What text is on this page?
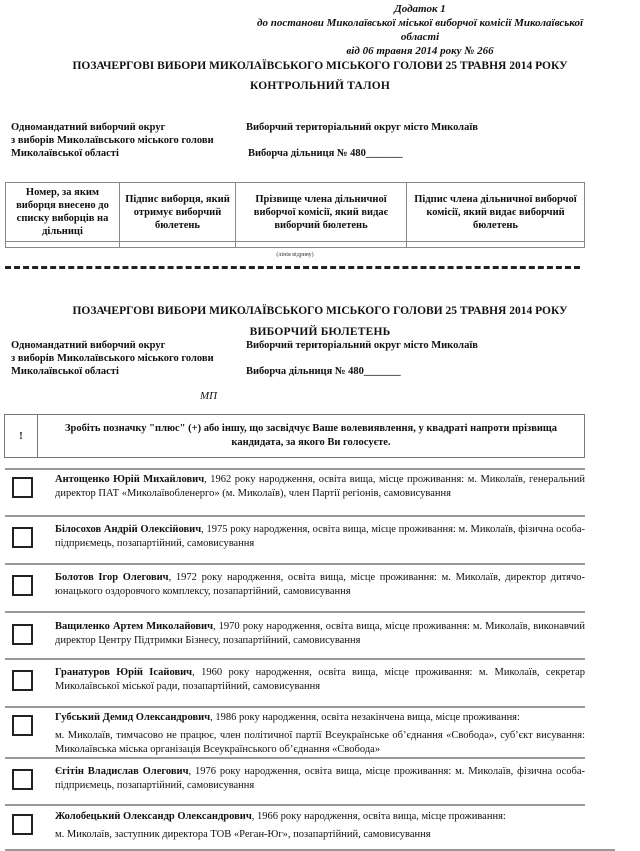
Додаток 1
до постанови Миколаївської міської виборчої комісії Миколаївської
області
від 06 травня 2014 року № 266
ПОЗАЧЕРГОВІ ВИБОРИ МИКОЛАЇВСЬКОГО МІСЬКОГО ГОЛОВИ 25 ТРАВНЯ 2014 РОКУ
КОНТРОЛЬНИЙ ТАЛОН
Одномандатний виборчий округ
з виборів Миколаївського міського голови
Миколаївської області
Виборчий територіальний округ місто Миколаїв
Виборча дільниця № 480_______
Номер, за яким виборця внесено до списку виборців на дільниці	Підпис виборця, який отримує виборчий бюлетень	Прізвище члена дільничної виборчої комісії, який видає виборчий бюлетень	Підпис члена дільничної виборчої комісії, який видає виборчий бюлетень

(лінія відриву)
ПОЗАЧЕРГОВІ ВИБОРИ МИКОЛАЇВСЬКОГО МІСЬКОГО ГОЛОВИ 25 ТРАВНЯ 2014 РОКУ
ВИБОРЧИЙ БЮЛЕТЕНЬ
Одномандатний виборчий округ
з виборів Миколаївського міського голови
Миколаївської області
Виборчий територіальний округ місто Миколаїв
Виборча дільниця № 480_______
МП
!
Зробіть позначку "плюс" (+) або іншу, що засвідчує Ваше волевиявлення, у квадраті напроти прізвища кандидата, за якого Ви голосуєте.
Антощенко Юрій Михайлович, 1962 року народження, освіта вища, місце проживання: м. Миколаїв, генеральний директор ПАТ «Миколаївобленерго» (м. Миколаїв), член Партії регіонів, самовисування
Білосохов Андрій Олексійович, 1975 року народження, освіта вища, місце проживання: м. Миколаїв, фізична особа-підприємець, позапартійний, самовисування
Болотов Ігор Олегович, 1972 року народження, освіта вища, місце проживання: м. Миколаїв, директор дитячо-юнацького оздоровчого комплексу, позапартійний, самовисування
Ващиленко Артем Миколайович, 1970 року народження, освіта вища, місце проживання: м. Миколаїв, виконавчий директор Центру Підтримки Бізнесу, позапартійний, самовисування
Гранатуров Юрій Ісайович, 1960 року народження, освіта вища, місце проживання: м. Миколаїв, секретар Миколаївської міської ради, позапартійний, самовисування
Губський Демид Олександрович, 1986 року народження, освіта незакінчена вища, місце проживання:
м. Миколаїв, тимчасово не працює, член політичної партії Всеукраїнське об’єднання «Свобода», суб’єкт висування: Миколаївська міська організація Всеукраїнського об’єднання «Свобода»
Єгітін Владислав Олегович, 1976 року народження, освіта вища, місце проживання: м. Миколаїв, фізична особа-підприємець, позапартійний, самовисування
Жолобецький Олександр Олександрович, 1966 року народження, освіта вища, місце проживання:
м. Миколаїв, заступник директора ТОВ «Реган-Юг», позапартійний, самовисування
